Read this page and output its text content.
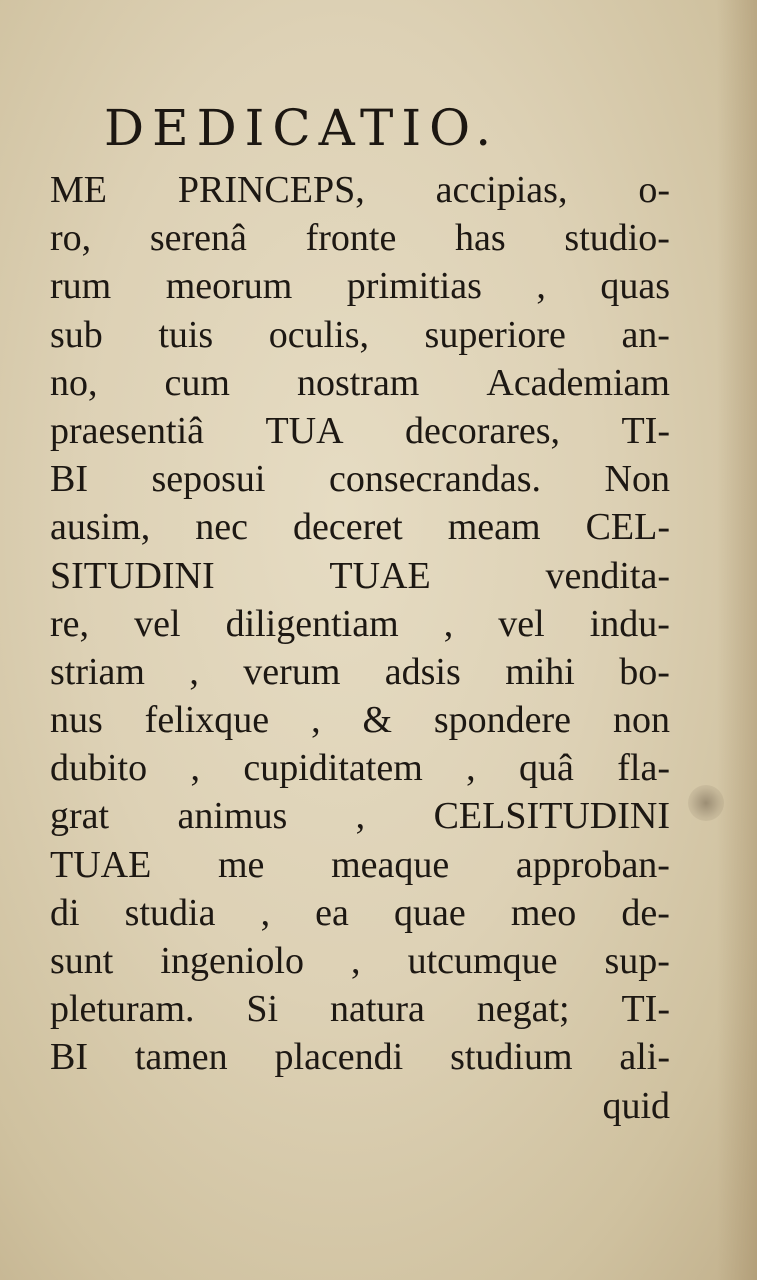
DEDICATIO.
ME PRINCEPS, accipias, o-
ro, serenâ fronte has studio-
rum meorum primitias , quas
sub tuis oculis, superiore an-
no, cum nostram Academiam
praesentiâ TUA decorares, TI-
BI seposui consecrandas. Non
ausim, nec deceret meam CEL-
SITUDINI	TUAE	vendita-
re, vel diligentiam , vel indu-
striam , verum adsis mihi bo-
nus felixque , & spondere non
dubito , cupiditatem , quâ fla-
grat animus , CELSITUDINI
TUAE me meaque approban-
di studia , ea quae meo de-
sunt ingeniolo , utcumque sup-
pleturam. Si natura negat; TI-
BI tamen placendi studium ali-
quid
